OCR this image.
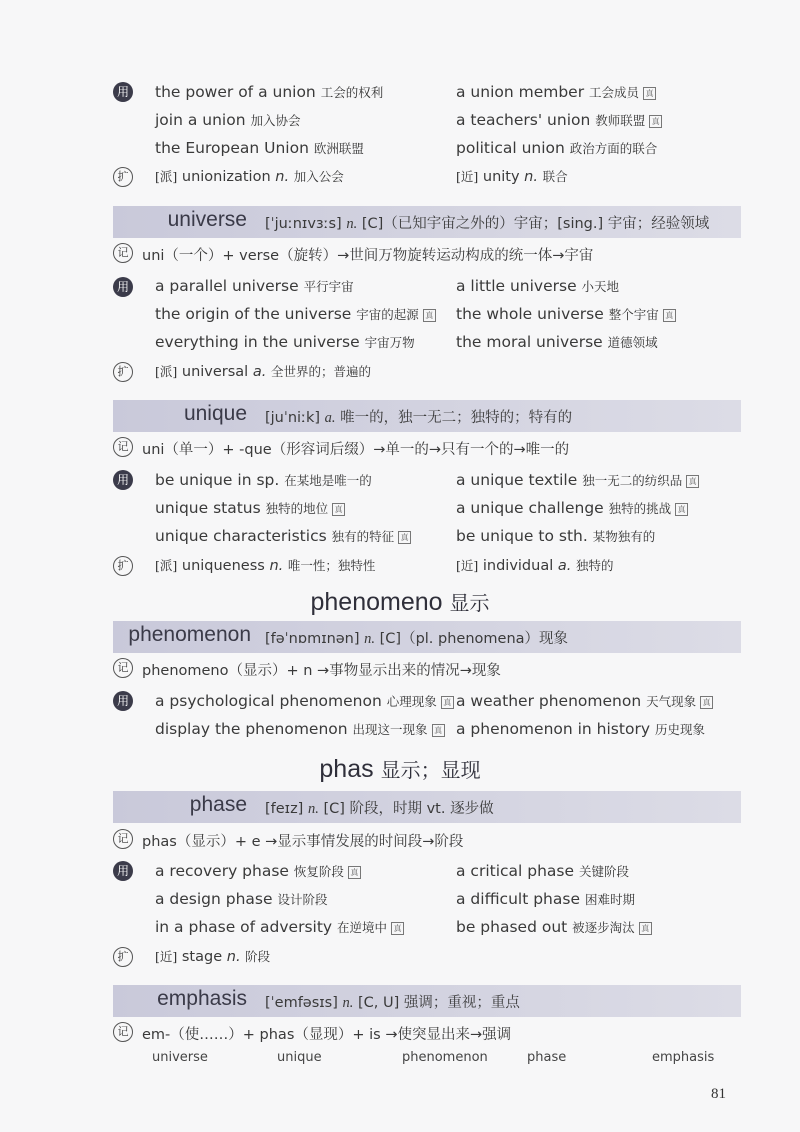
用 the power of a union 工会的权利	a union member 工会成员 真
join a union 加入协会	a teachers' union 教师联盟 真
the European Union 欧洲联盟	political union 政治方面的联合
扩	[派] unionization n. 加入公会	[近] unity n. 联合
universe [ˈjuːnɪvɜːs] n. [C]（已知宇宙之外的）宇宙；[sing.] 宇宙；经验领域
记 uni（一个）+ verse（旋转）→世间万物旋转运动构成的统一体→宇宙
用 a parallel universe 平行宇宙	a little universe 小天地
the origin of the universe 宇宙的起源 真 the whole universe 整个宇宙 真
everything in the universe 宇宙万物	the moral universe 道德领域
扩	[派] universal a. 全世界的；普遍的
unique [juˈniːk] a. 唯一的，独一无二；独特的；特有的
记 uni（单一）+ -que（形容词后缀）→单一的→只有一个的→唯一的
用 be unique in sp. 在某地是唯一的	a unique textile 独一无二的纺织品 真
unique status 独特的地位 真	a unique challenge 独特的挑战 真
unique characteristics 独有的特征 真	be unique to sth. 某物独有的
扩	[派] uniqueness n. 唯一性；独特性	[近] individual a. 独特的
phenomeno 显示
phenomenon [fəˈnɒmɪnən] n. [C]（pl. phenomena）现象
记 phenomeno（显示）+ n →事物显示出来的情况→现象
用 a psychological phenomenon 心理现象 真 a weather phenomenon 天气现象 真
display the phenomenon 出现这一现象 真 a phenomenon in history 历史现象
phas 显示；显现
phase [feɪz] n. [C] 阶段，时期 vt. 逐步做
记 phas（显示）+ e →显示事情发展的时间段→阶段
用 a recovery phase 恢复阶段 真	a critical phase 关键阶段
a design phase 设计阶段	a difficult phase 困难时期
in a phase of adversity 在逆境中 真	be phased out 被逐步淘汰 真
扩	[近] stage n. 阶段
emphasis [ˈemfəsɪs] n. [C, U] 强调；重视；重点
记 em-（使……）+ phas（显现）+ is →使突显出来→强调
universe	unique	phenomenon	phase	emphasis
81
